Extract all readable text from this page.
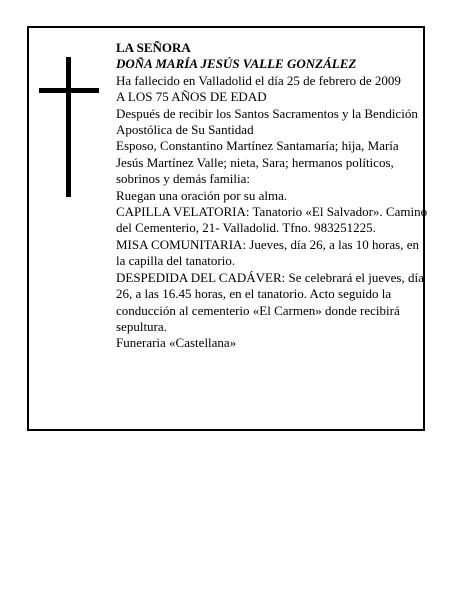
LA SEÑORA
DOÑA MARÍA JESÚS VALLE GONZÁLEZ
Ha fallecido en Valladolid el día 25 de febrero de 2009
A LOS 75 AÑOS DE EDAD
Después de recibir los Santos Sacramentos y la Bendición Apostólica de Su Santidad
Esposo, Constantino Martínez Santamaría; hija, María Jesús Martínez Valle; nieta, Sara; hermanos políticos, sobrinos y demás familia:
Ruegan una oración por su alma.
CAPILLA VELATORIA: Tanatorio «El Salvador». Camino del Cementerio, 21- Valladolid. Tfno. 983251225.
MISA COMUNITARIA: Jueves, día 26, a las 10 horas, en la capilla del tanatorio.
DESPEDIDA DEL CADÁVER: Se celebrará el jueves, día 26, a las 16.45 horas, en el tanatorio. Acto seguido la conducción al cementerio «El Carmen» donde recibirá sepultura.
Funeraria «Castellana»
